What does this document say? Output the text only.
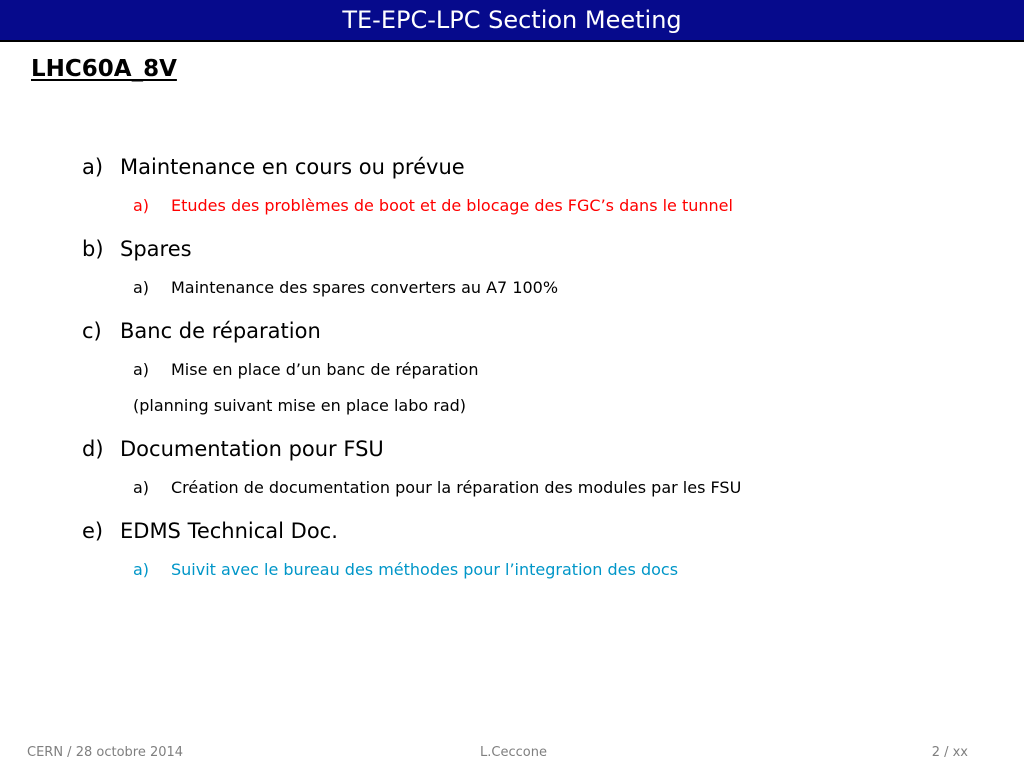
TE-EPC-LPC Section Meeting
LHC60A_8V
a) Maintenance en cours ou prévue
a) Etudes des problèmes de boot et de blocage des FGC’s dans le tunnel
b) Spares
a) Maintenance des spares converters au A7 100%
c) Banc de réparation
a) Mise en place d’un banc de réparation
(planning suivant mise en place labo rad)
d) Documentation pour FSU
a) Création de documentation pour la réparation des modules par les FSU
e) EDMS Technical Doc.
a) Suivit avec le bureau des méthodes pour l’integration des docs
CERN / 28 octobre 2014	L.Ceccone	2 / xx
